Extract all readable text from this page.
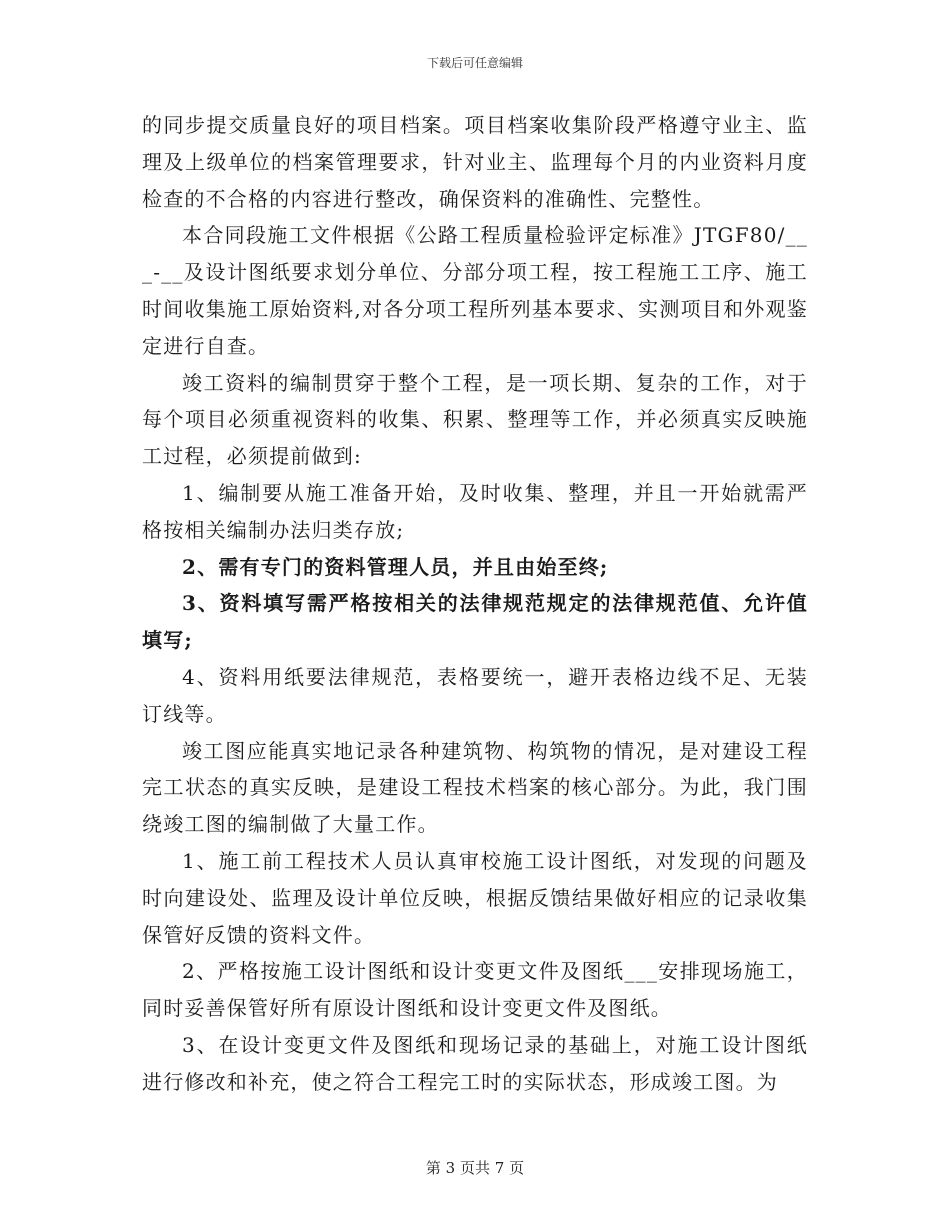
下载后可任意编辑

的同步提交质量良好的项目档案。项目档案收集阶段严格遵守业主、监理及上级单位的档案管理要求，针对业主、监理每个月的内业资料月度检查的不合格的内容进行整改，确保资料的准确性、完整性。

本合同段施工文件根据《公路工程质量检验评定标准》JTGF80/___-__及设计图纸要求划分单位、分部分项工程，按工程施工工序、施工时间收集施工原始资料,对各分项工程所列基本要求、实测项目和外观鉴定进行自查。

竣工资料的编制贯穿于整个工程，是一项长期、复杂的工作，对于每个项目必须重视资料的收集、积累、整理等工作，并必须真实反映施工过程，必须提前做到:

1、编制要从施工准备开始，及时收集、整理，并且一开始就需严格按相关编制办法归类存放;

2、需有专门的资料管理人员，并且由始至终;

3、资料填写需严格按相关的法律规范规定的法律规范值、允许值填写;

4、资料用纸要法律规范，表格要统一，避开表格边线不足、无装订线等。

竣工图应能真实地记录各种建筑物、构筑物的情况，是对建设工程完工状态的真实反映，是建设工程技术档案的核心部分。为此，我门围绕竣工图的编制做了大量工作。

1、施工前工程技术人员认真审校施工设计图纸，对发现的问题及时向建设处、监理及设计单位反映，根据反馈结果做好相应的记录收集保管好反馈的资料文件。

2、严格按施工设计图纸和设计变更文件及图纸___安排现场施工，同时妥善保管好所有原设计图纸和设计变更文件及图纸。

3、在设计变更文件及图纸和现场记录的基础上，对施工设计图纸进行修改和补充，使之符合工程完工时的实际状态，形成竣工图。为

第 3 页共 7 页
